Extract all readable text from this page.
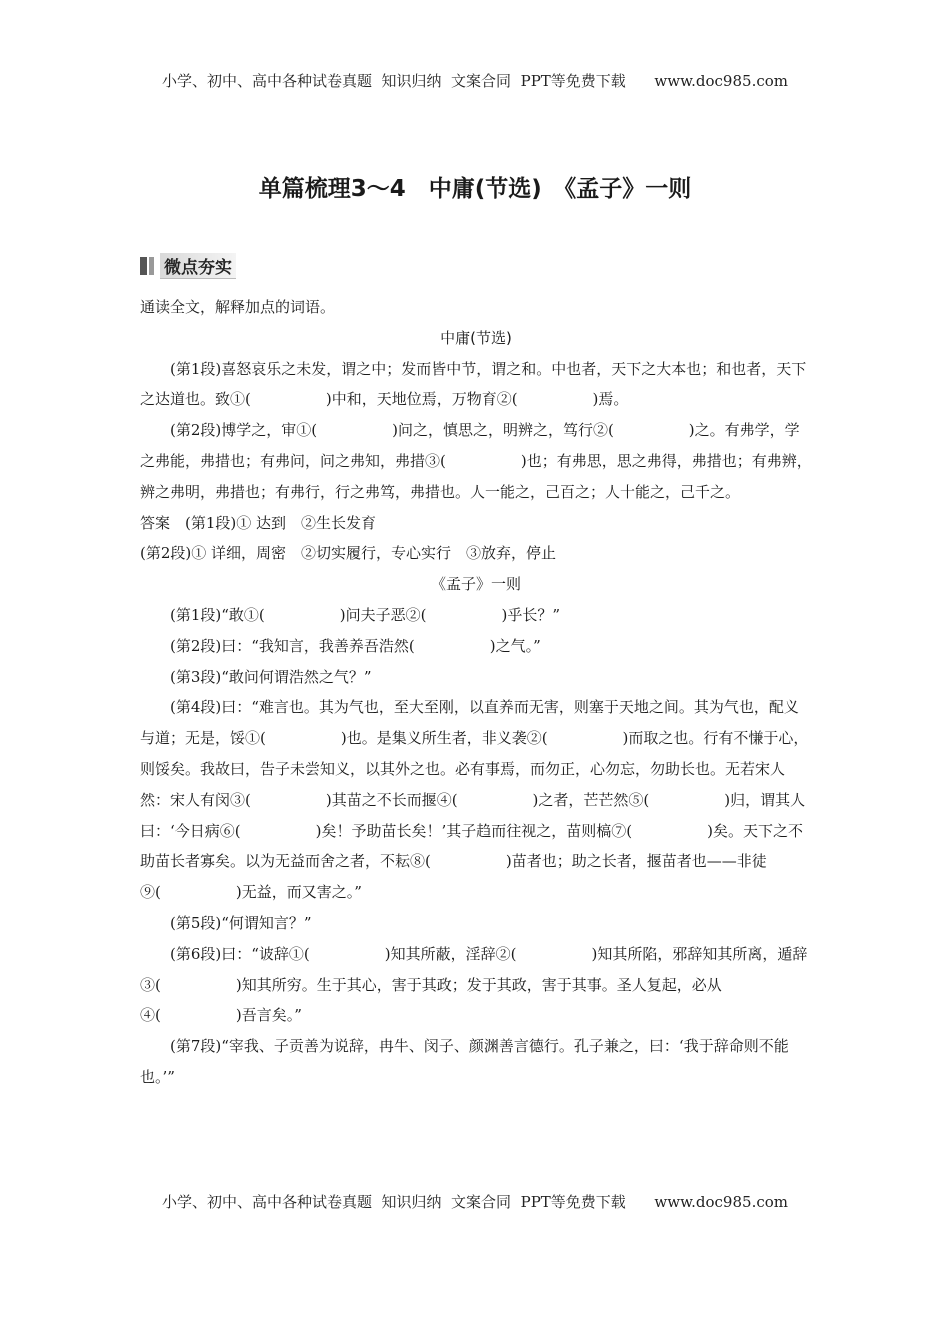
小学、初中、高中各种试卷真题  知识归纳  文案合同  PPT等免费下载      www.doc985.com
单篇梳理3～4　中庸(节选)　《孟子》一则
微点夯实

通读全文，解释加点的词语。

中庸(节选)

(第1段)喜怒哀乐之未发，谓之中；发而皆中节，谓之和。中也者，天下之大本也；和也者，天下之达道也。致①(　　　　　)中和，天地位焉，万物育②(　　　　　)焉。

(第2段)博学之，审①(　　　　　)问之，慎思之，明辨之，笃行②(　　　　　)之。有弗学，学之弗能，弗措也；有弗问，问之弗知，弗措③(　　　　　)也；有弗思，思之弗得，弗措也；有弗辨，辨之弗明，弗措也；有弗行，行之弗笃，弗措也。人一能之，己百之；人十能之，己千之。

答案　 (第1段)① 达到　②生长发育

(第2段)① 详细，周密　②切实履行，专心实行　③放弃，停止

《孟子》一则

(第1段)“敢①(　　　　　)问夫子恶②(　　　　　)乎长？”

(第2段)曰：“我知言，我善养吾浩然(　　　　　)之气。”

(第3段)“敢问何谓浩然之气？”

(第4段)曰：“难言也。其为气也，至大至刚，以直养而无害，则塞于天地之间。其为气也，配义与道；无是，馁①(　　　　　)也。是集义所生者，非义袭②(　　　　　)而取之也。行有不慊于心，则馁矣。我故曰，告子未尝知义，以其外之也。必有事焉，而勿正，心勿忘，勿助长也。无若宋人然：宋人有闵③(　　　　　)其苗之不长而揠④(　　　　　)之者，芒芒然⑤(　　　　　)归，谓其人曰：‘今日病⑥(　　　　　)矣！予助苗长矣！’其子趋而往视之，苗则槁⑦(　　　　　)矣。天下之不助苗长者寡矣。以为无益而舍之者，不耘⑧(　　　　　)苗者也；助之长者，揠苗者也——非徒⑨(　　　　　)无益，而又害之。”

(第5段)“何谓知言？”

(第6段)曰：“诐辞①(　　　　　)知其所蔽，淫辞②(　　　　　)知其所陷，邪辞知其所离，遁辞③(　　　　　)知其所穷。生于其心，害于其政；发于其政，害于其事。圣人复起，必从④(　　　　　)吾言矣。”

(第7段)“宰我、子贡善为说辞，冉牛、闵子、颜渊善言德行。孔子兼之，曰：‘我于辞命则不能也。’”

小学、初中、高中各种试卷真题  知识归纳  文案合同  PPT等免费下载      www.doc985.com
